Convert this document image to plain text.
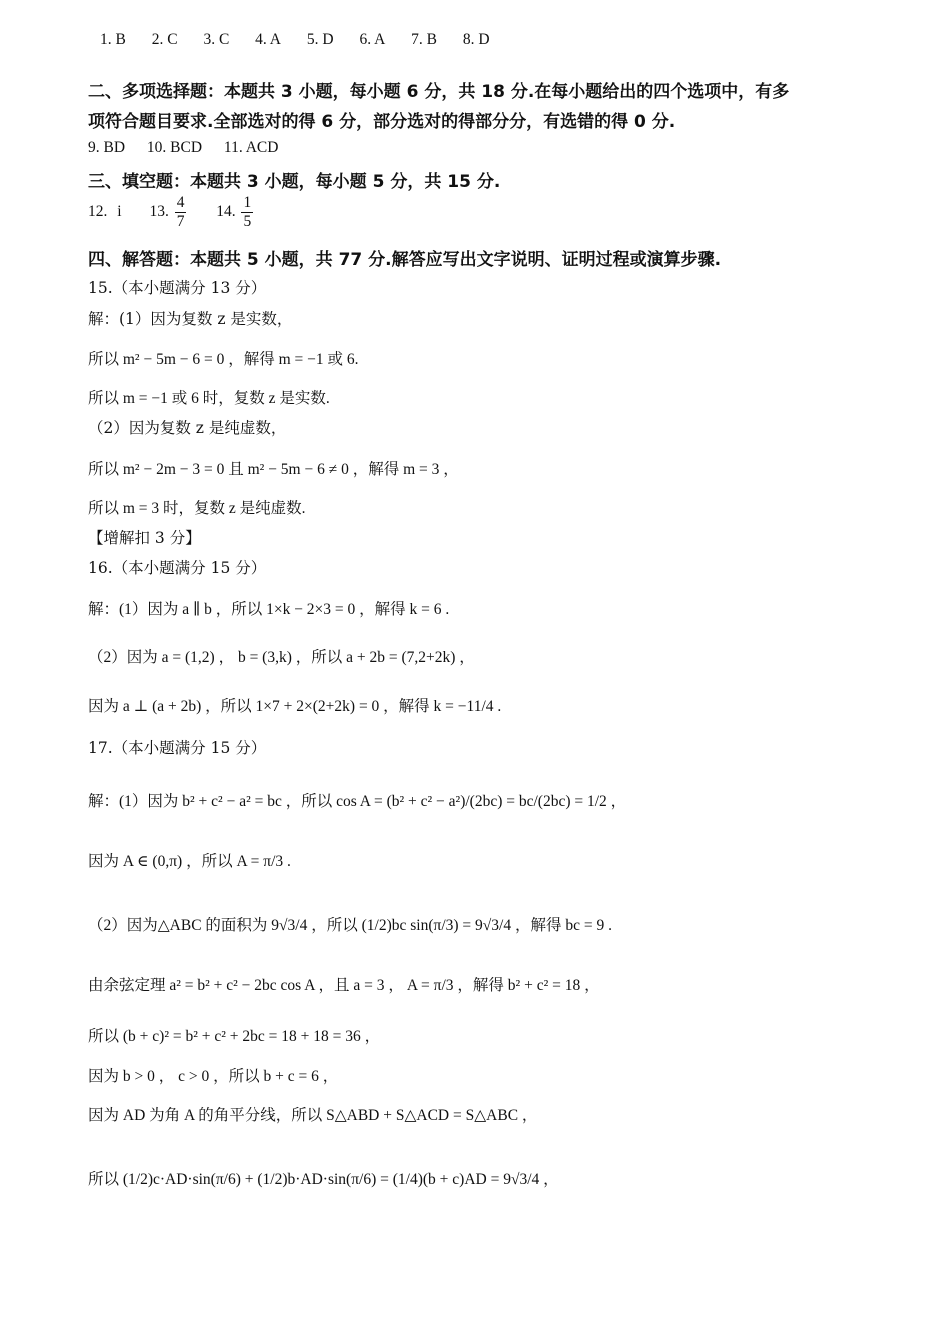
1. B 2. C 3. C 4. A 5. D 6. A 7. B 8. D
二、多项选择题：本题共 3 小题，每小题 6 分，共 18 分.在每小题给出的四个选项中，有多
项符合题目要求.全部选对的得 6 分，部分选对的得部分分，有选错的得 0 分.
9. BD 10. BCD 11. ACD
三、填空题：本题共 3 小题，每小题 5 分，共 15 分.
12. i 13. $\frac{4}{7} 14$. $\frac{1}{5}$
四、解答题：本题共 5 小题，共 77 分.解答应写出文字说明、证明过程或演算步骤.
15.（本小题满分 13 分）
解：(1）因为复数 z 是实数，
所以 m² − 5m − 6 = 0 ，解得 m = −1 或 6.
所以 m = −1 或 6 时，复数 z 是实数.
（2）因为复数 z 是纯虚数，
所以 m² − 2m − 3 = 0 且 m² − 5m − 6 ≠ 0 ，解得 m = 3 ，
所以 m = 3 时，复数 z 是纯虚数.
【增解扣 3 分】
16.（本小题满分 15 分）
解：(1）因为 a ∥ b ，所以 1×k − 2×3 = 0 ，解得 k = 6 .
（2）因为 a = (1,2) ， b = (3,k) ，所以 a + 2b = (7,2+2k) ，
因为 a ⊥ (a + 2b) ，所以 1×7 + 2×(2+2k) = 0 ，解得 k = −11/4 .
17.（本小题满分 15 分）
解：(1）因为 b² + c² − a² = bc ，所以 cos A = (b² + c² − a²)/(2bc) = bc/(2bc) = 1/2 ，
因为 A ∈ (0,π) ，所以 A = π/3 .
（2）因为△ABC 的面积为 9√3/4 ，所以 (1/2)bc sin(π/3) = 9√3/4 ，解得 bc = 9 .
由余弦定理 a² = b² + c² − 2bc cos A ，且 a = 3 ， A = π/3 ，解得 b² + c² = 18 ，
所以 (b + c)² = b² + c² + 2bc = 18 + 18 = 36 ，
因为 b > 0 ， c > 0 ，所以 b + c = 6 ，
因为 AD 为角 A 的角平分线，所以 S△ABD + S△ACD = S△ABC ，
所以 (1/2)c·AD·sin(π/6) + (1/2)b·AD·sin(π/6) = (1/4)(b + c)AD = 9√3/4 ，
